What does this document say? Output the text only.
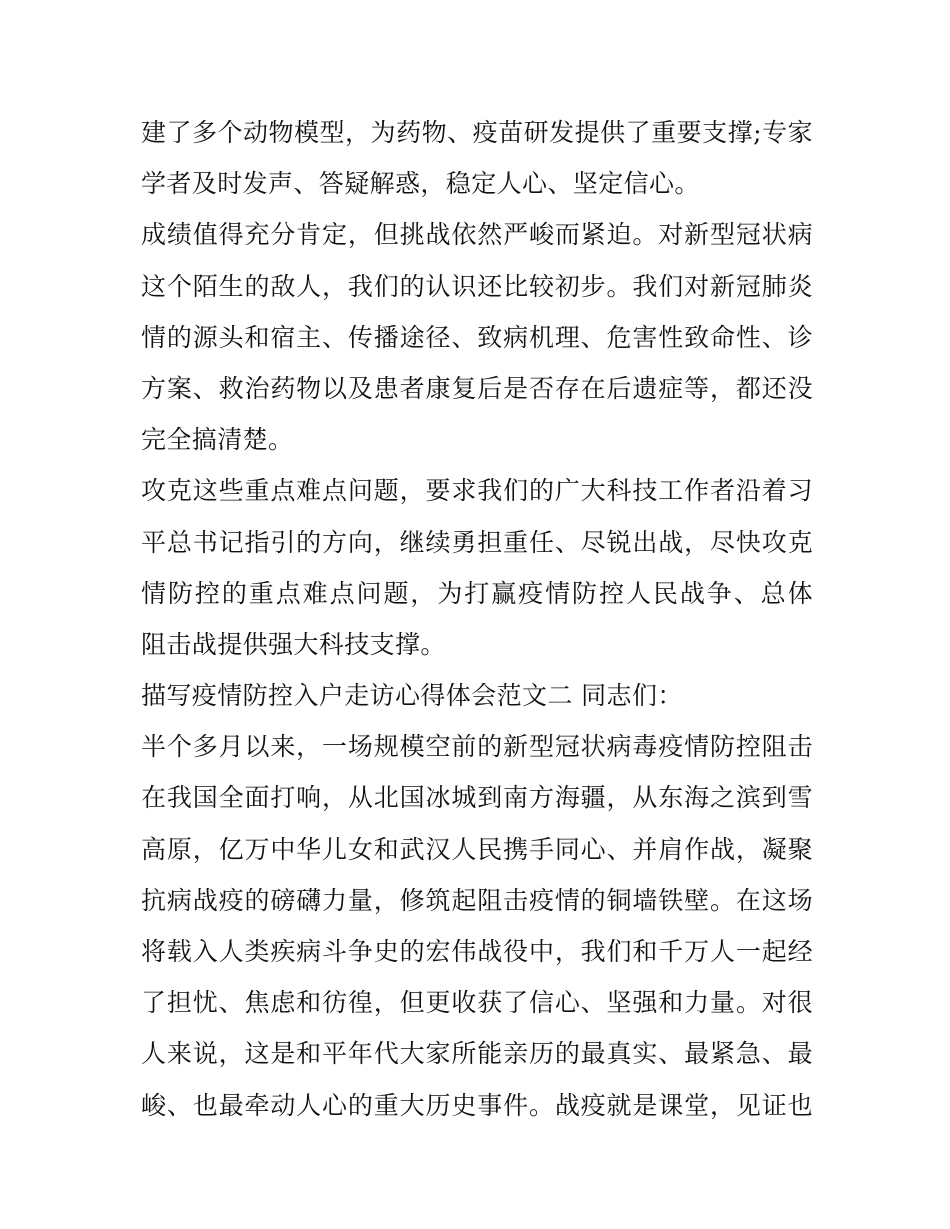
建了多个动物模型，为药物、疫苗研发提供了重要支撑;专家
学者及时发声、答疑解惑，稳定人心、坚定信心。
成绩值得充分肯定，但挑战依然严峻而紧迫。对新型冠状病
这个陌生的敌人，我们的认识还比较初步。我们对新冠肺炎
情的源头和宿主、传播途径、致病机理、危害性致命性、诊
方案、救治药物以及患者康复后是否存在后遗症等，都还没
完全搞清楚。
攻克这些重点难点问题，要求我们的广大科技工作者沿着习
平总书记指引的方向，继续勇担重任、尽锐出战，尽快攻克
情防控的重点难点问题，为打赢疫情防控人民战争、总体
阻击战提供强大科技支撑。
描写疫情防控入户走访心得体会范文二 同志们：
半个多月以来，一场规模空前的新型冠状病毒疫情防控阻击
在我国全面打响，从北国冰城到南方海疆，从东海之滨到雪
高原，亿万中华儿女和武汉人民携手同心、并肩作战，凝聚
抗病战疫的磅礴力量，修筑起阻击疫情的铜墙铁壁。在这场
将载入人类疾病斗争史的宏伟战役中，我们和千万人一起经
了担忧、焦虑和彷徨，但更收获了信心、坚强和力量。对很
人来说，这是和平年代大家所能亲历的最真实、最紧急、最
峻、也最牵动人心的重大历史事件。战疫就是课堂，见证也
